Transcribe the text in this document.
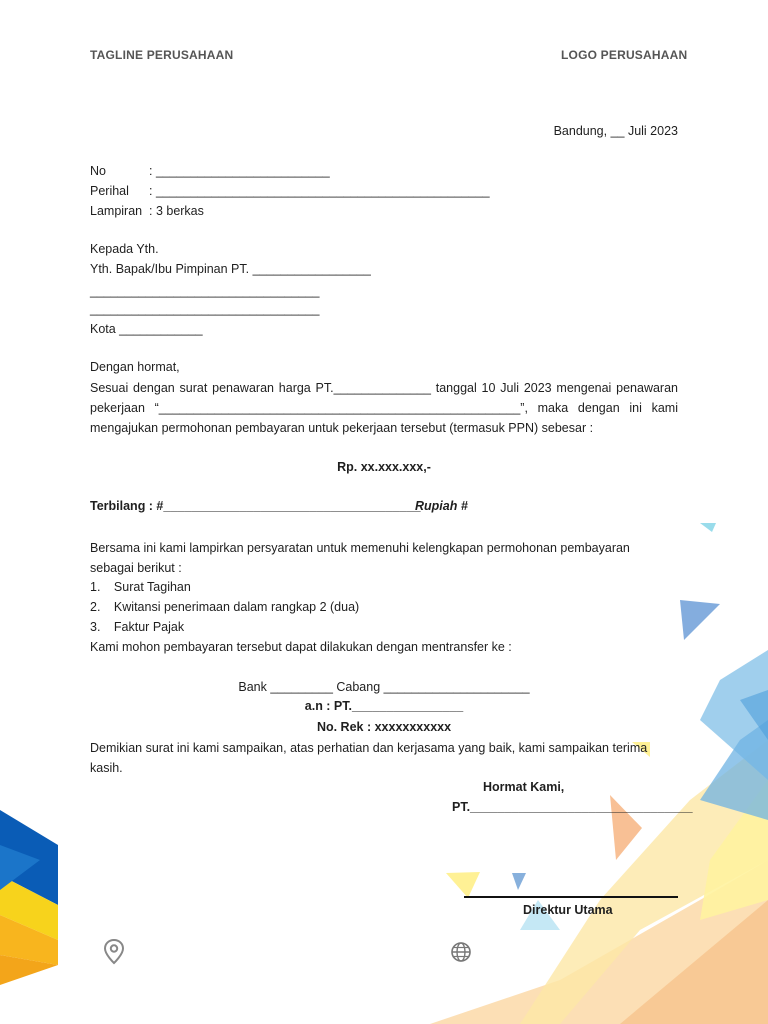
TAGLINE PERUSAHAAN	LOGO PERUSAHAAN
Bandung, __ Juli 2023
No	: _________________________
Perihal : ________________________________________________
Lampiran : 3 berkas
Kepada Yth.
Yth. Bapak/Ibu Pimpinan PT. _________________
_________________________________
_________________________________
Kota ____________
Dengan hormat,
Sesuai dengan surat penawaran harga PT.______________ tanggal 10 Juli 2023 mengenai penawaran pekerjaan “____________________________________________________”, maka dengan ini kami mengajukan permohonan pembayaran untuk pekerjaan tersebut (termasuk PPN) sebesar :
Rp. xx.xxx.xxx,-
Terbilang : #_____________________________________
Rupiah #
Bersama ini kami lampirkan persyaratan untuk memenuhi kelengkapan permohonan pembayaran sebagai berikut :
1. Surat Tagihan
2. Kwitansi penerimaan dalam rangkap 2 (dua)
3. Faktur Pajak
Kami mohon pembayaran tersebut dapat dilakukan dengan mentransfer ke :
Bank _________ Cabang _____________________
a.n : PT.________________
No. Rek : xxxxxxxxxxx
Demikian surat ini kami sampaikan, atas perhatian dan kerjasama yang baik, kami sampaikan terima kasih.
Hormat Kami,
PT.________________________________
Direktur Utama
